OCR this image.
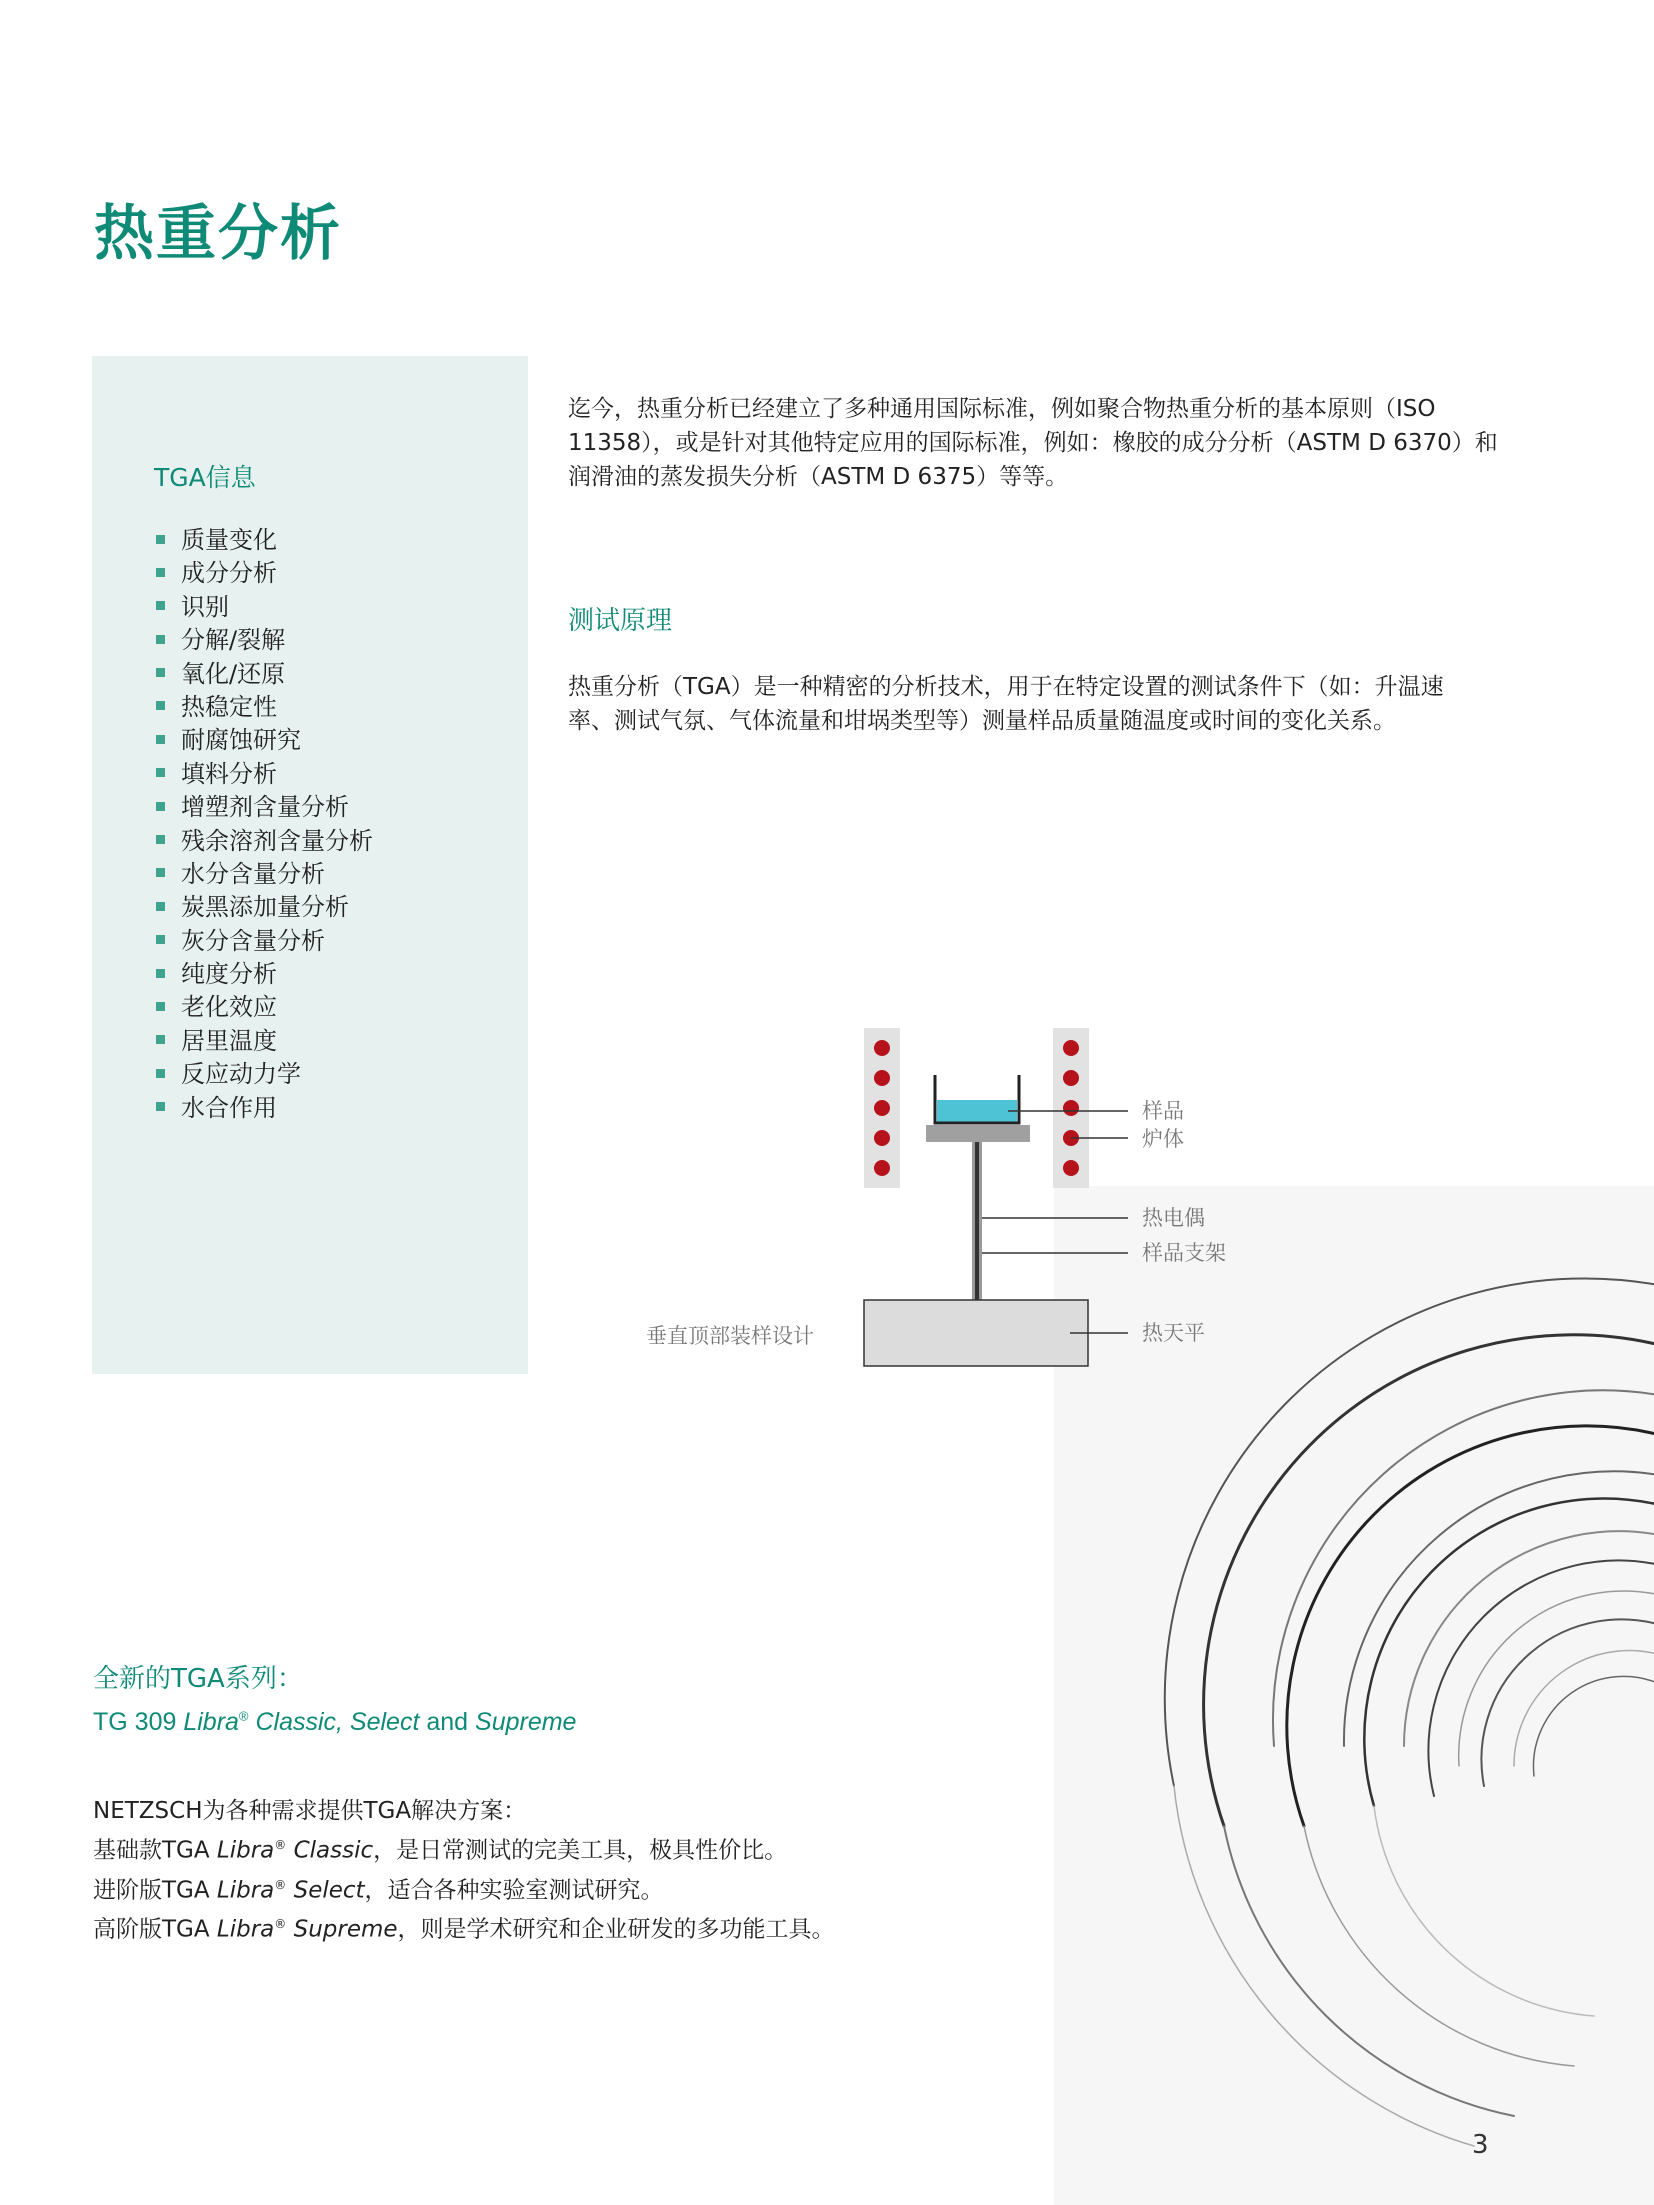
热重分析
TGA信息
质量变化
成分分析
识别
分解/裂解
氧化/还原
热稳定性
耐腐蚀研究
填料分析
增塑剂含量分析
残余溶剂含量分析
水分含量分析
炭黑添加量分析
灰分含量分析
纯度分析
老化效应
居里温度
反应动力学
水合作用

迄今，热重分析已经建立了多种通用国际标准，例如聚合物热重分析的基本原则（ISO 11358），或是针对其他特定应用的国际标准，例如：橡胶的成分分析（ASTM D 6370）和润滑油的蒸发损失分析（ASTM D 6375）等等。

测试原理

热重分析（TGA）是一种精密的分析技术，用于在特定设置的测试条件下（如：升温速率、测试气氛、气体流量和坩埚类型等）测量样品质量随温度或时间的变化关系。

样品
炉体
热电偶
样品支架
热天平
垂直顶部装样设计
全新的TGA系列：

TG 309 Libra® Classic, Select and Supreme

NETZSCH为各种需求提供TGA解决方案：
基础款TGA Libra® Classic，是日常测试的完美工具，极具性价比。
进阶版TGA Libra® Select，适合各种实验室测试研究。
高阶版TGA Libra® Supreme，则是学术研究和企业研发的多功能工具。

3
